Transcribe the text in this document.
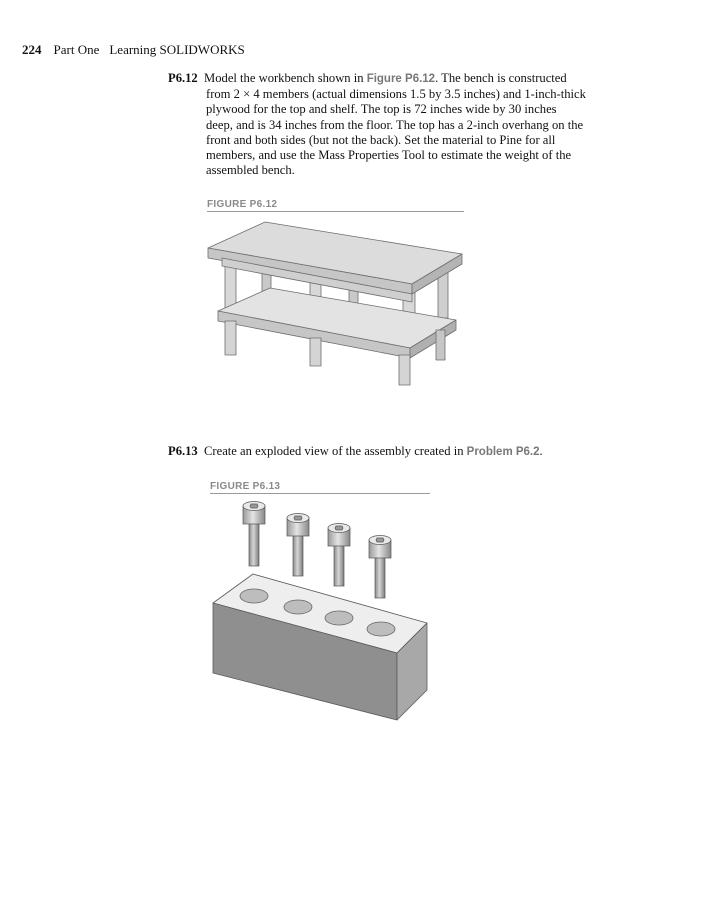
224 Part One Learning SOLIDWORKS
P6.12 Model the workbench shown in Figure P6.12. The bench is constructed
from 2 × 4 members (actual dimensions 1.5 by 3.5 inches) and 1-inch-thick
plywood for the top and shelf. The top is 72 inches wide by 30 inches
deep, and is 34 inches from the floor. The top has a 2-inch overhang on the
front and both sides (but not the back). Set the material to Pine for all
members, and use the Mass Properties Tool to estimate the weight of the
assembled bench.
FIGURE P6.12
P6.13 Create an exploded view of the assembly created in Problem P6.2.
FIGURE P6.13
